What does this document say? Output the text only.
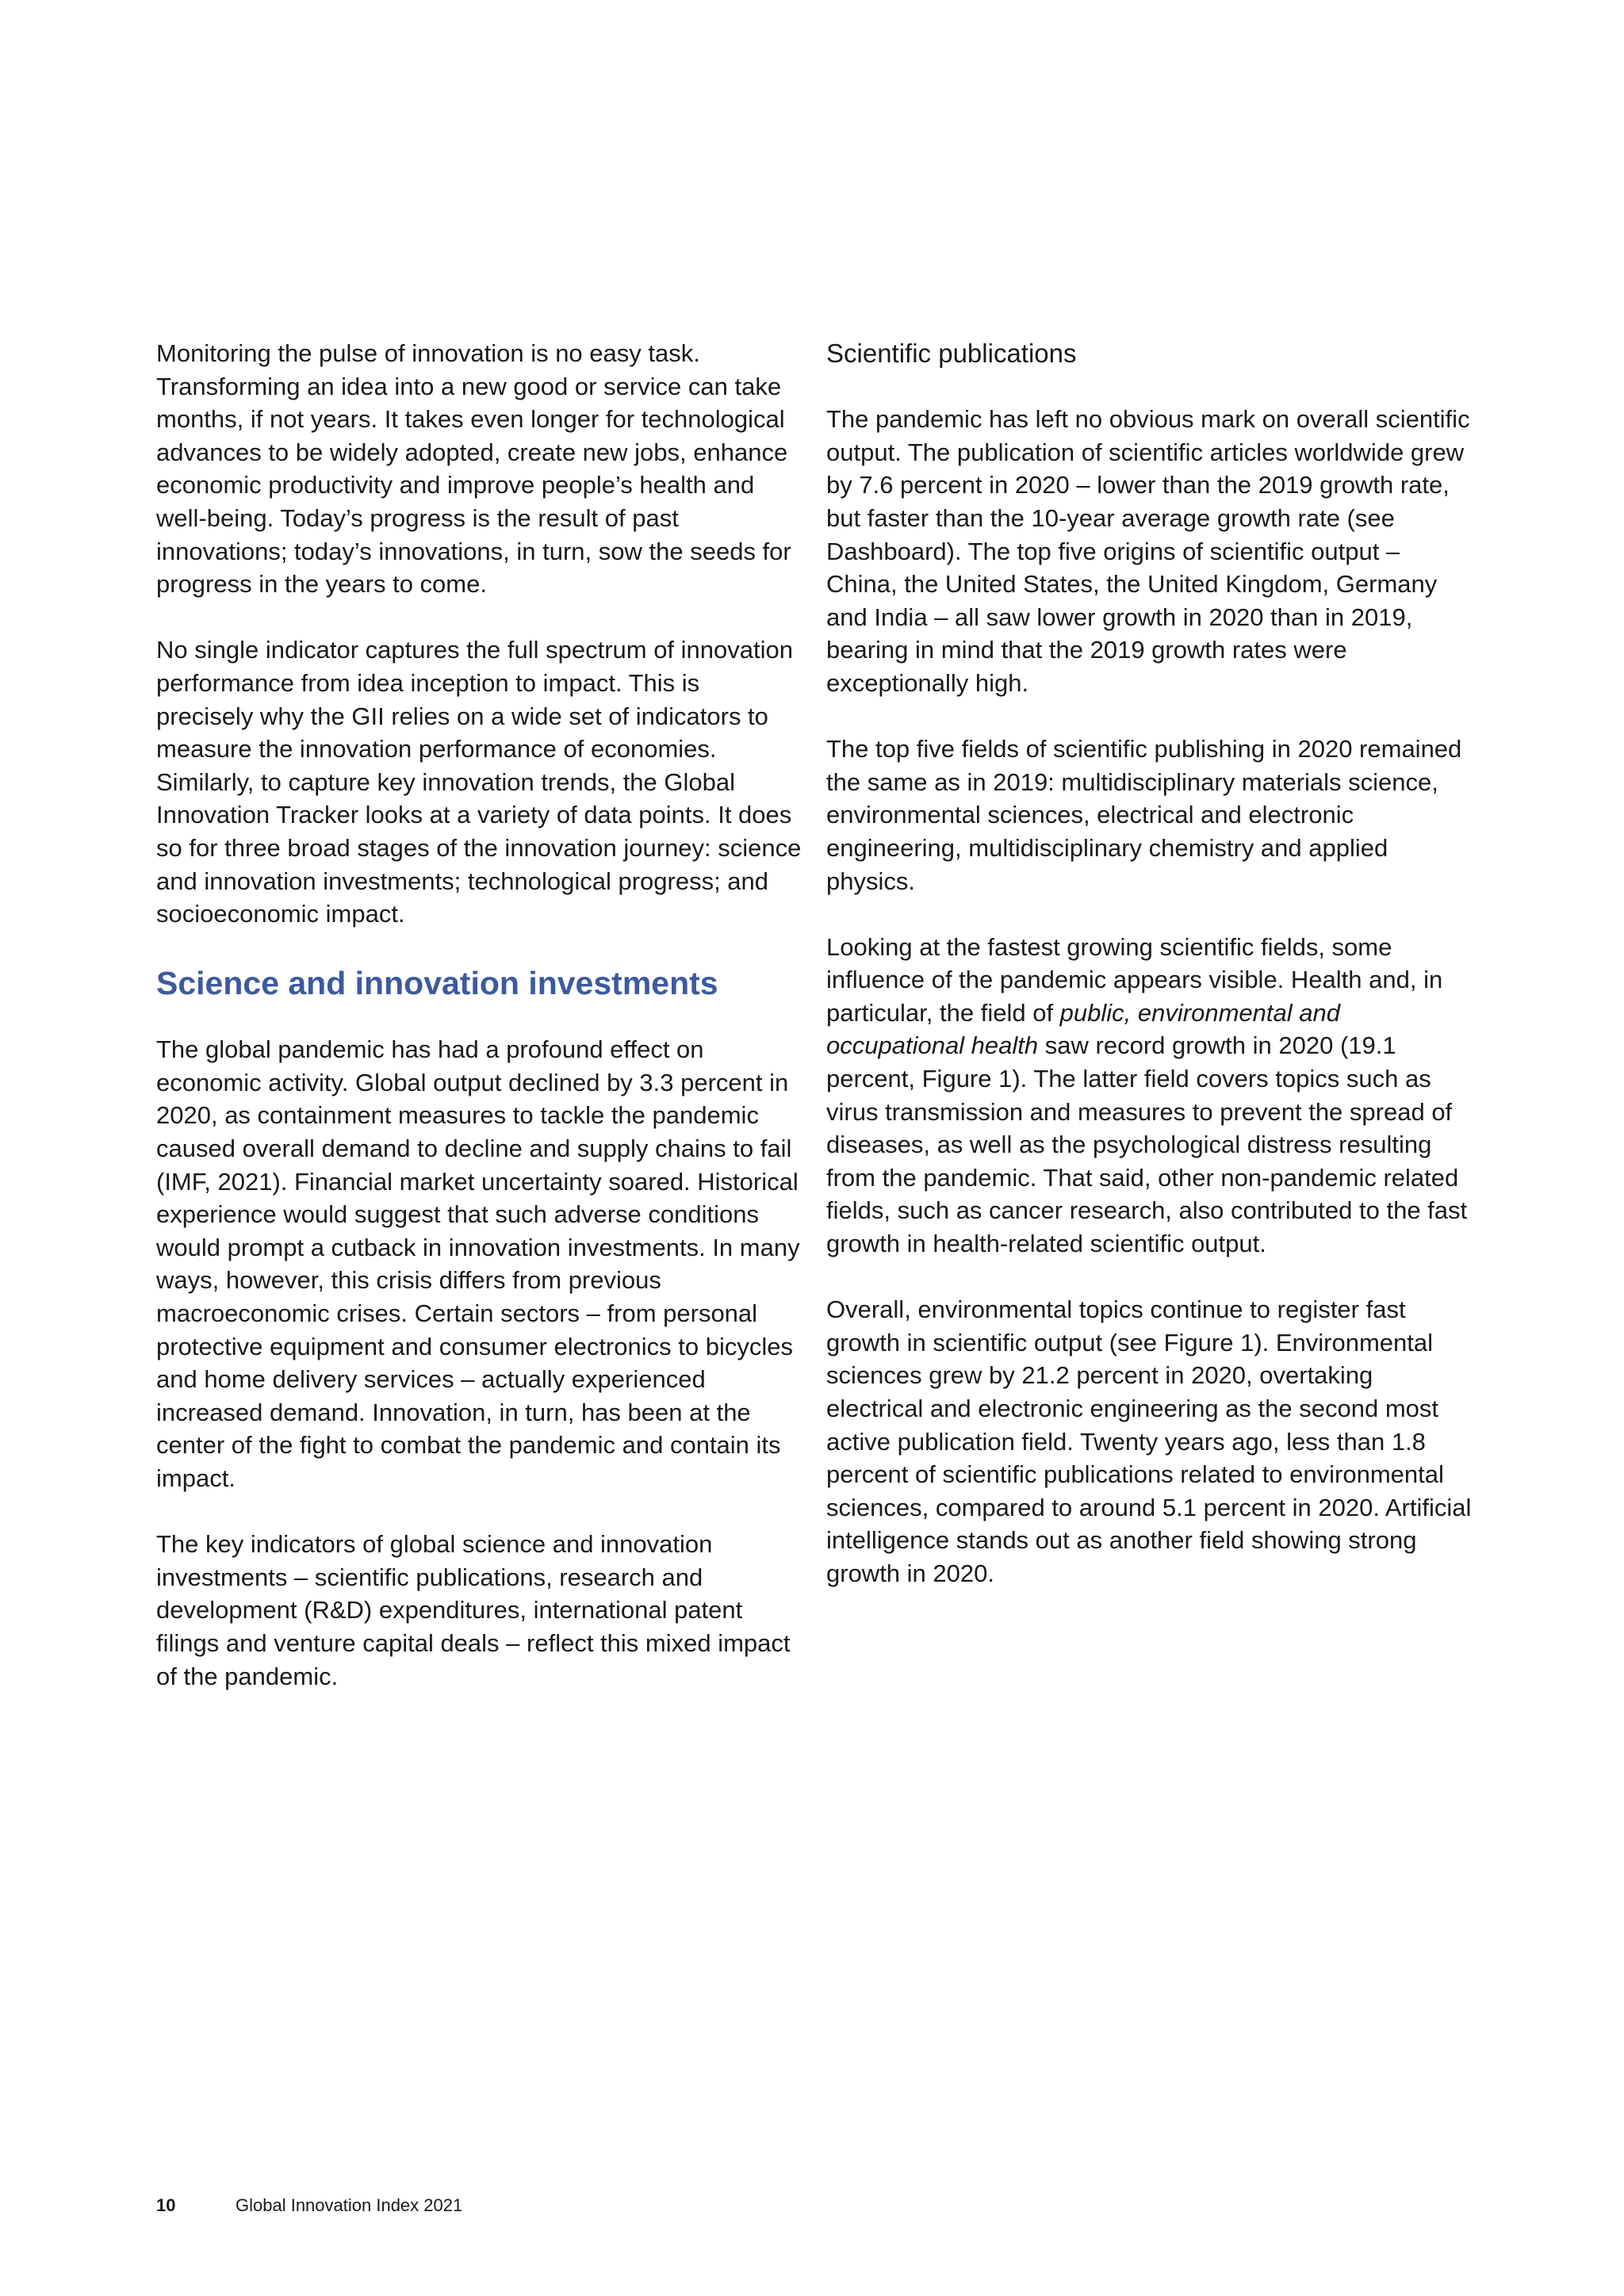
Monitoring the pulse of innovation is no easy task. Transforming an idea into a new good or service can take months, if not years. It takes even longer for technological advances to be widely adopted, create new jobs, enhance economic productivity and improve people’s health and well-being. Today’s progress is the result of past innovations; today’s innovations, in turn, sow the seeds for progress in the years to come.

No single indicator captures the full spectrum of innovation performance from idea inception to impact. This is precisely why the GII relies on a wide set of indicators to measure the innovation performance of economies. Similarly, to capture key innovation trends, the Global Innovation Tracker looks at a variety of data points. It does so for three broad stages of the innovation journey: science and innovation investments; technological progress; and socioeconomic impact.

Science and innovation investments

The global pandemic has had a profound effect on economic activity. Global output declined by 3.3 percent in 2020, as containment measures to tackle the pandemic caused overall demand to decline and supply chains to fail (IMF, 2021). Financial market uncertainty soared. Historical experience would suggest that such adverse conditions would prompt a cutback in innovation investments. In many ways, however, this crisis differs from previous macroeconomic crises. Certain sectors – from personal protective equipment and consumer electronics to bicycles and home delivery services – actually experienced increased demand. Innovation, in turn, has been at the center of the fight to combat the pandemic and contain its impact.

The key indicators of global science and innovation investments – scientific publications, research and development (R&D) expenditures, international patent filings and venture capital deals – reflect this mixed impact of the pandemic.

Scientific publications

The pandemic has left no obvious mark on overall scientific output. The publication of scientific articles worldwide grew by 7.6 percent in 2020 – lower than the 2019 growth rate, but faster than the 10-year average growth rate (see Dashboard). The top five origins of scientific output – China, the United States, the United Kingdom, Germany and India – all saw lower growth in 2020 than in 2019, bearing in mind that the 2019 growth rates were exceptionally high.

The top five fields of scientific publishing in 2020 remained the same as in 2019: multidisciplinary materials science, environmental sciences, electrical and electronic engineering, multidisciplinary chemistry and applied physics.

Looking at the fastest growing scientific fields, some influence of the pandemic appears visible. Health and, in particular, the field of public, environmental and occupational health saw record growth in 2020 (19.1 percent, Figure 1). The latter field covers topics such as virus transmission and measures to prevent the spread of diseases, as well as the psychological distress resulting from the pandemic. That said, other non-pandemic related fields, such as cancer research, also contributed to the fast growth in health-related scientific output.

Overall, environmental topics continue to register fast growth in scientific output (see Figure 1). Environmental sciences grew by 21.2 percent in 2020, overtaking electrical and electronic engineering as the second most active publication field. Twenty years ago, less than 1.8 percent of scientific publications related to environmental sciences, compared to around 5.1 percent in 2020. Artificial intelligence stands out as another field showing strong growth in 2020.

10	Global Innovation Index 2021
